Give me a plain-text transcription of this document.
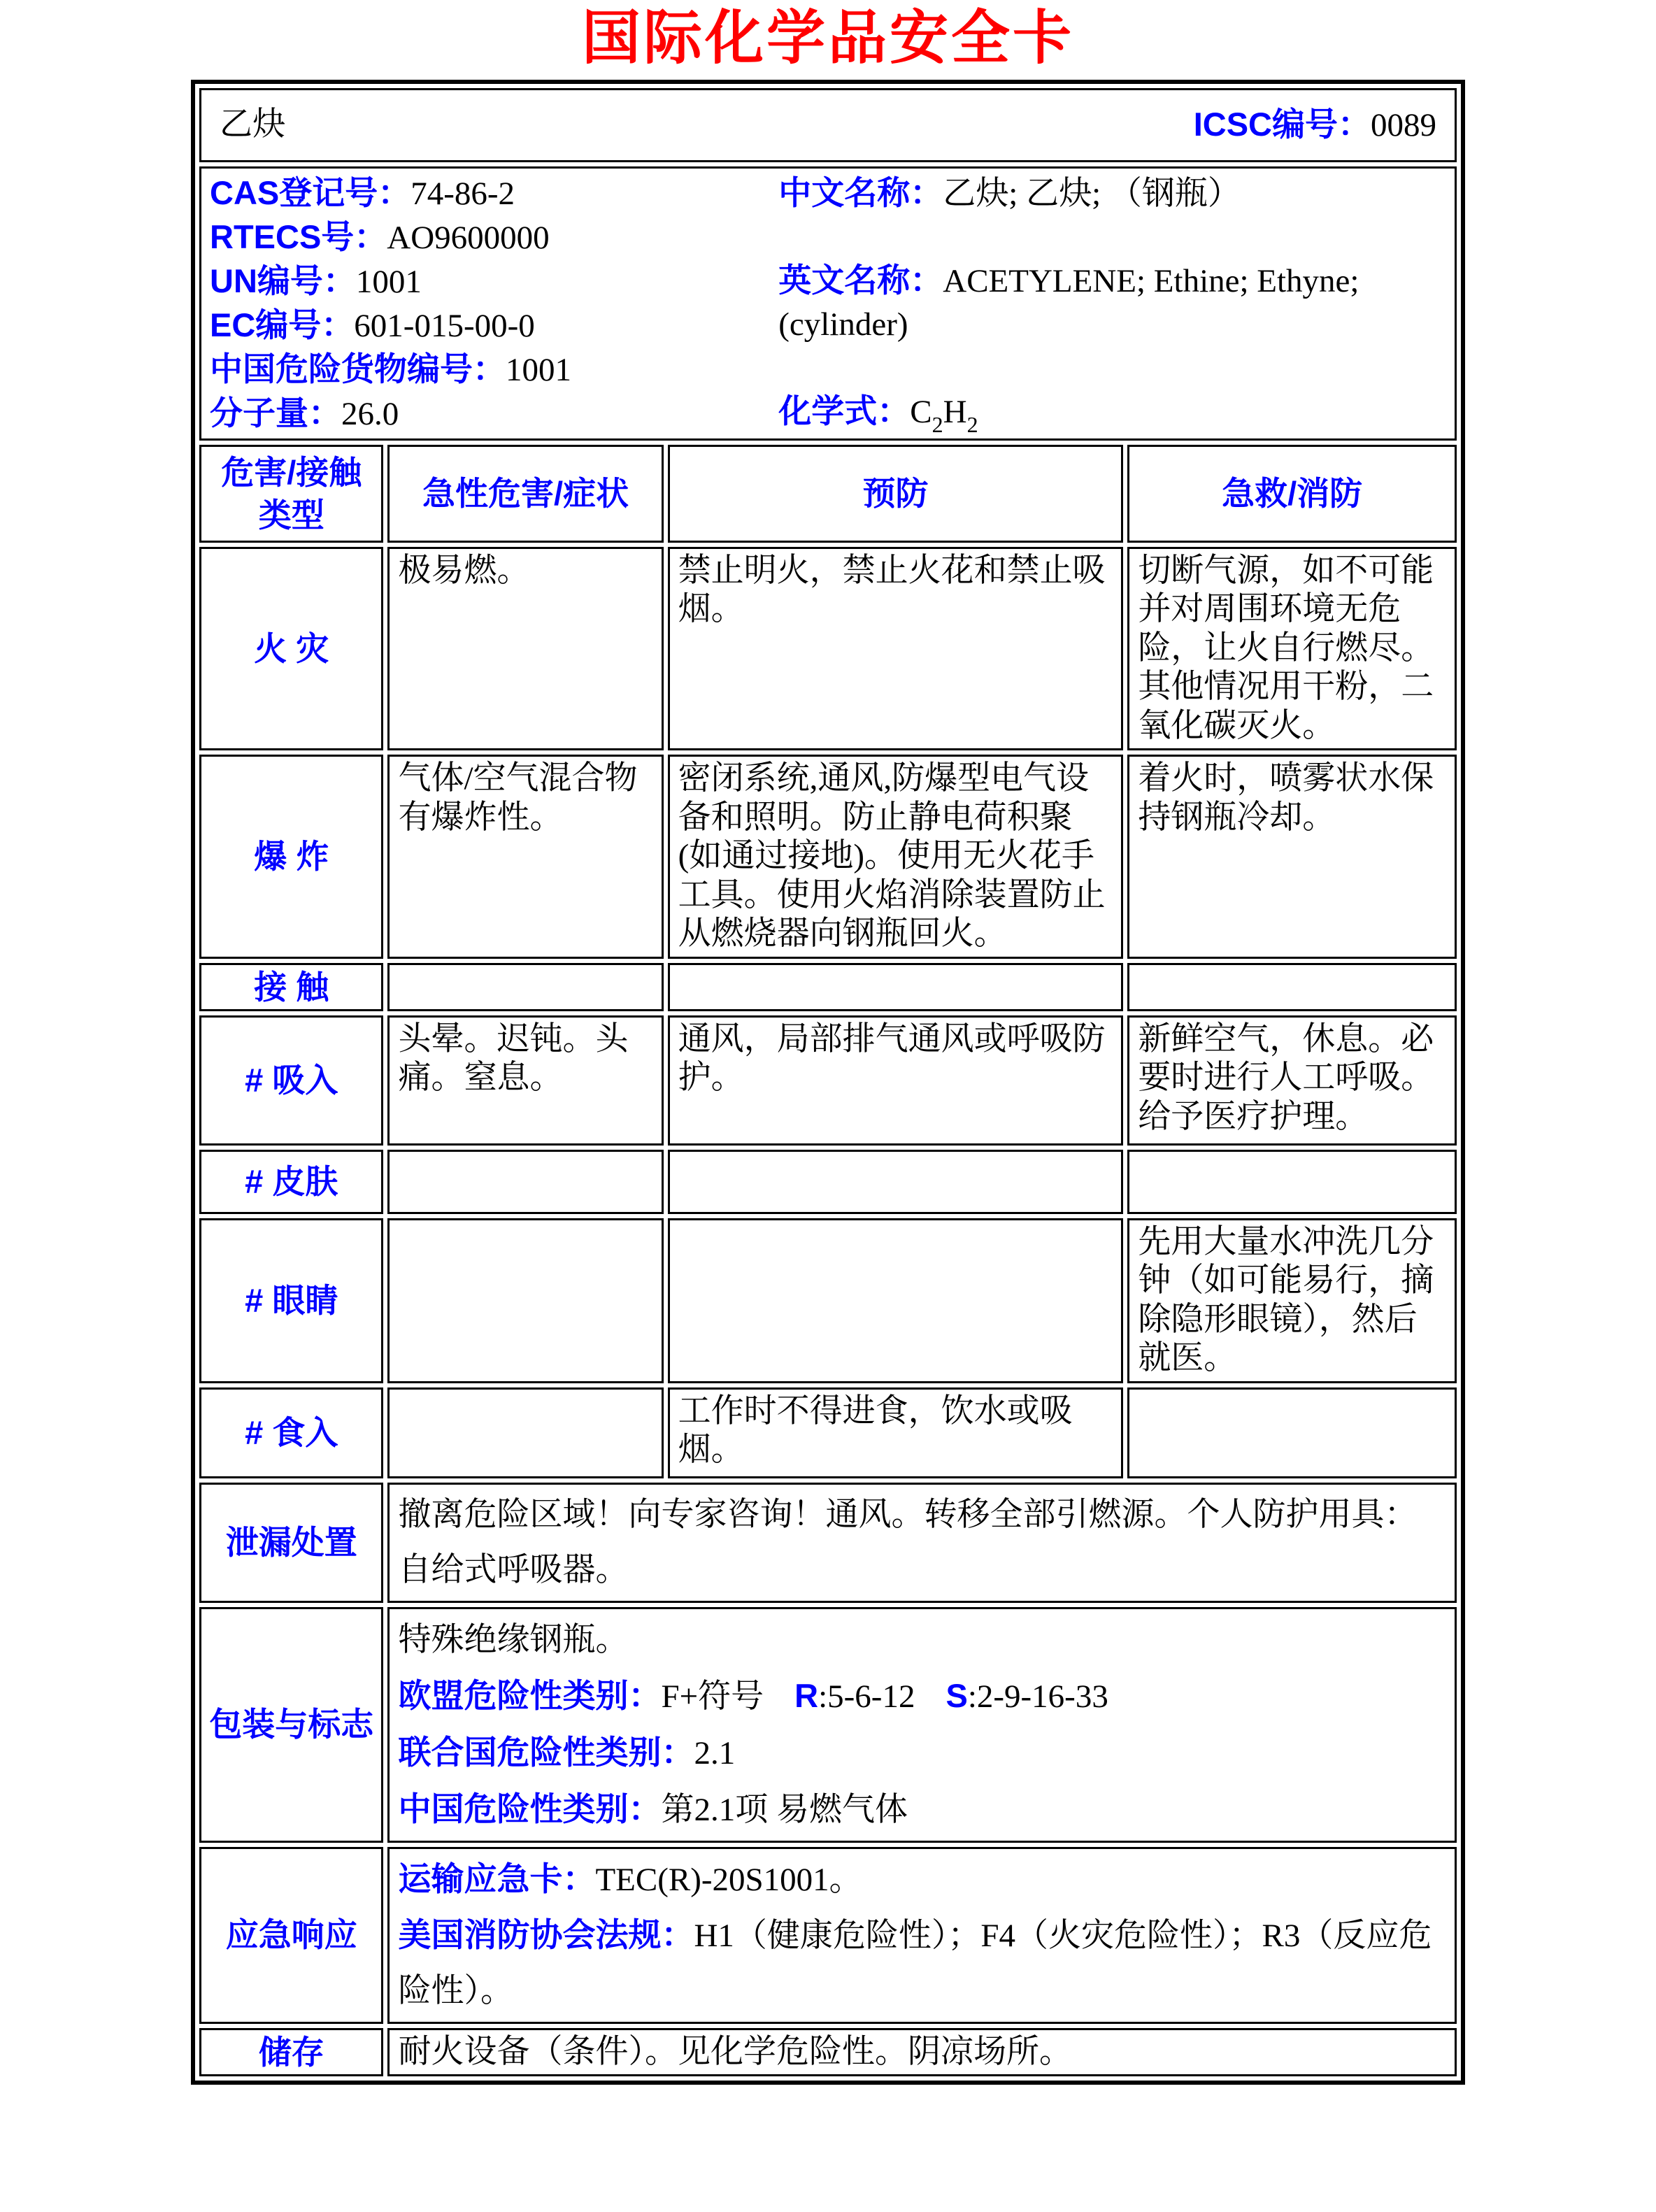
国际化学品安全卡
乙炔 ICSC编号：0089			

CAS登记号：74-86-2
RTECS号：AO9600000
UN编号：1001
EC编号：601-015-00-0
中国危险货物编号：1001
分子量：26.0
中文名称：乙炔; 乙炔; （钢瓶）
英文名称：ACETYLENE; Ethine; Ethyne; (cylinder)
化学式：$C_2H_2$

危害/接触类型	急性危害/症状	预防	急救/消防
火 灾	极易燃。	禁止明火，禁止火花和禁止吸烟。	切断气源，如不可能并对周围环境无危险，让火自行燃尽。其他情况用干粉，二氧化碳灭火。
爆 炸	气体/空气混合物有爆炸性。	密闭系统,通风,防爆型电气设备和照明。防止静电荷积聚(如通过接地)。使用无火花手工具。使用火焰消除装置防止从燃烧器向钢瓶回火。	着火时，喷雾状水保持钢瓶冷却。
接 触			
# 吸入	头晕。迟钝。头痛。窒息。	通风，局部排气通风或呼吸防护。	新鲜空气，休息。必要时进行人工呼吸。给予医疗护理。
# 皮肤			
# 眼睛			先用大量水冲洗几分钟（如可能易行，摘除隐形眼镜），然后就医。
# 食入		工作时不得进食，饮水或吸烟。	
泄漏处置	撤离危险区域！向专家咨询！通风。转移全部引燃源。个人防护用具：自给式呼吸器。		
包装与标志	特殊绝缘钢瓶。
欧盟危险性类别：F+符号 R:5-6-12 S:2-9-16-33
联合国危险性类别：2.1
中国危险性类别：第2.1项 易燃气体		

应急响应	运输应急卡：TEC(R)-20S1001。
美国消防协会法规：H1（健康危险性）；F4（火灾危险性）；R3（反应危险性）。		

储存	耐火设备（条件）。见化学危险性。阴凉场所。		
